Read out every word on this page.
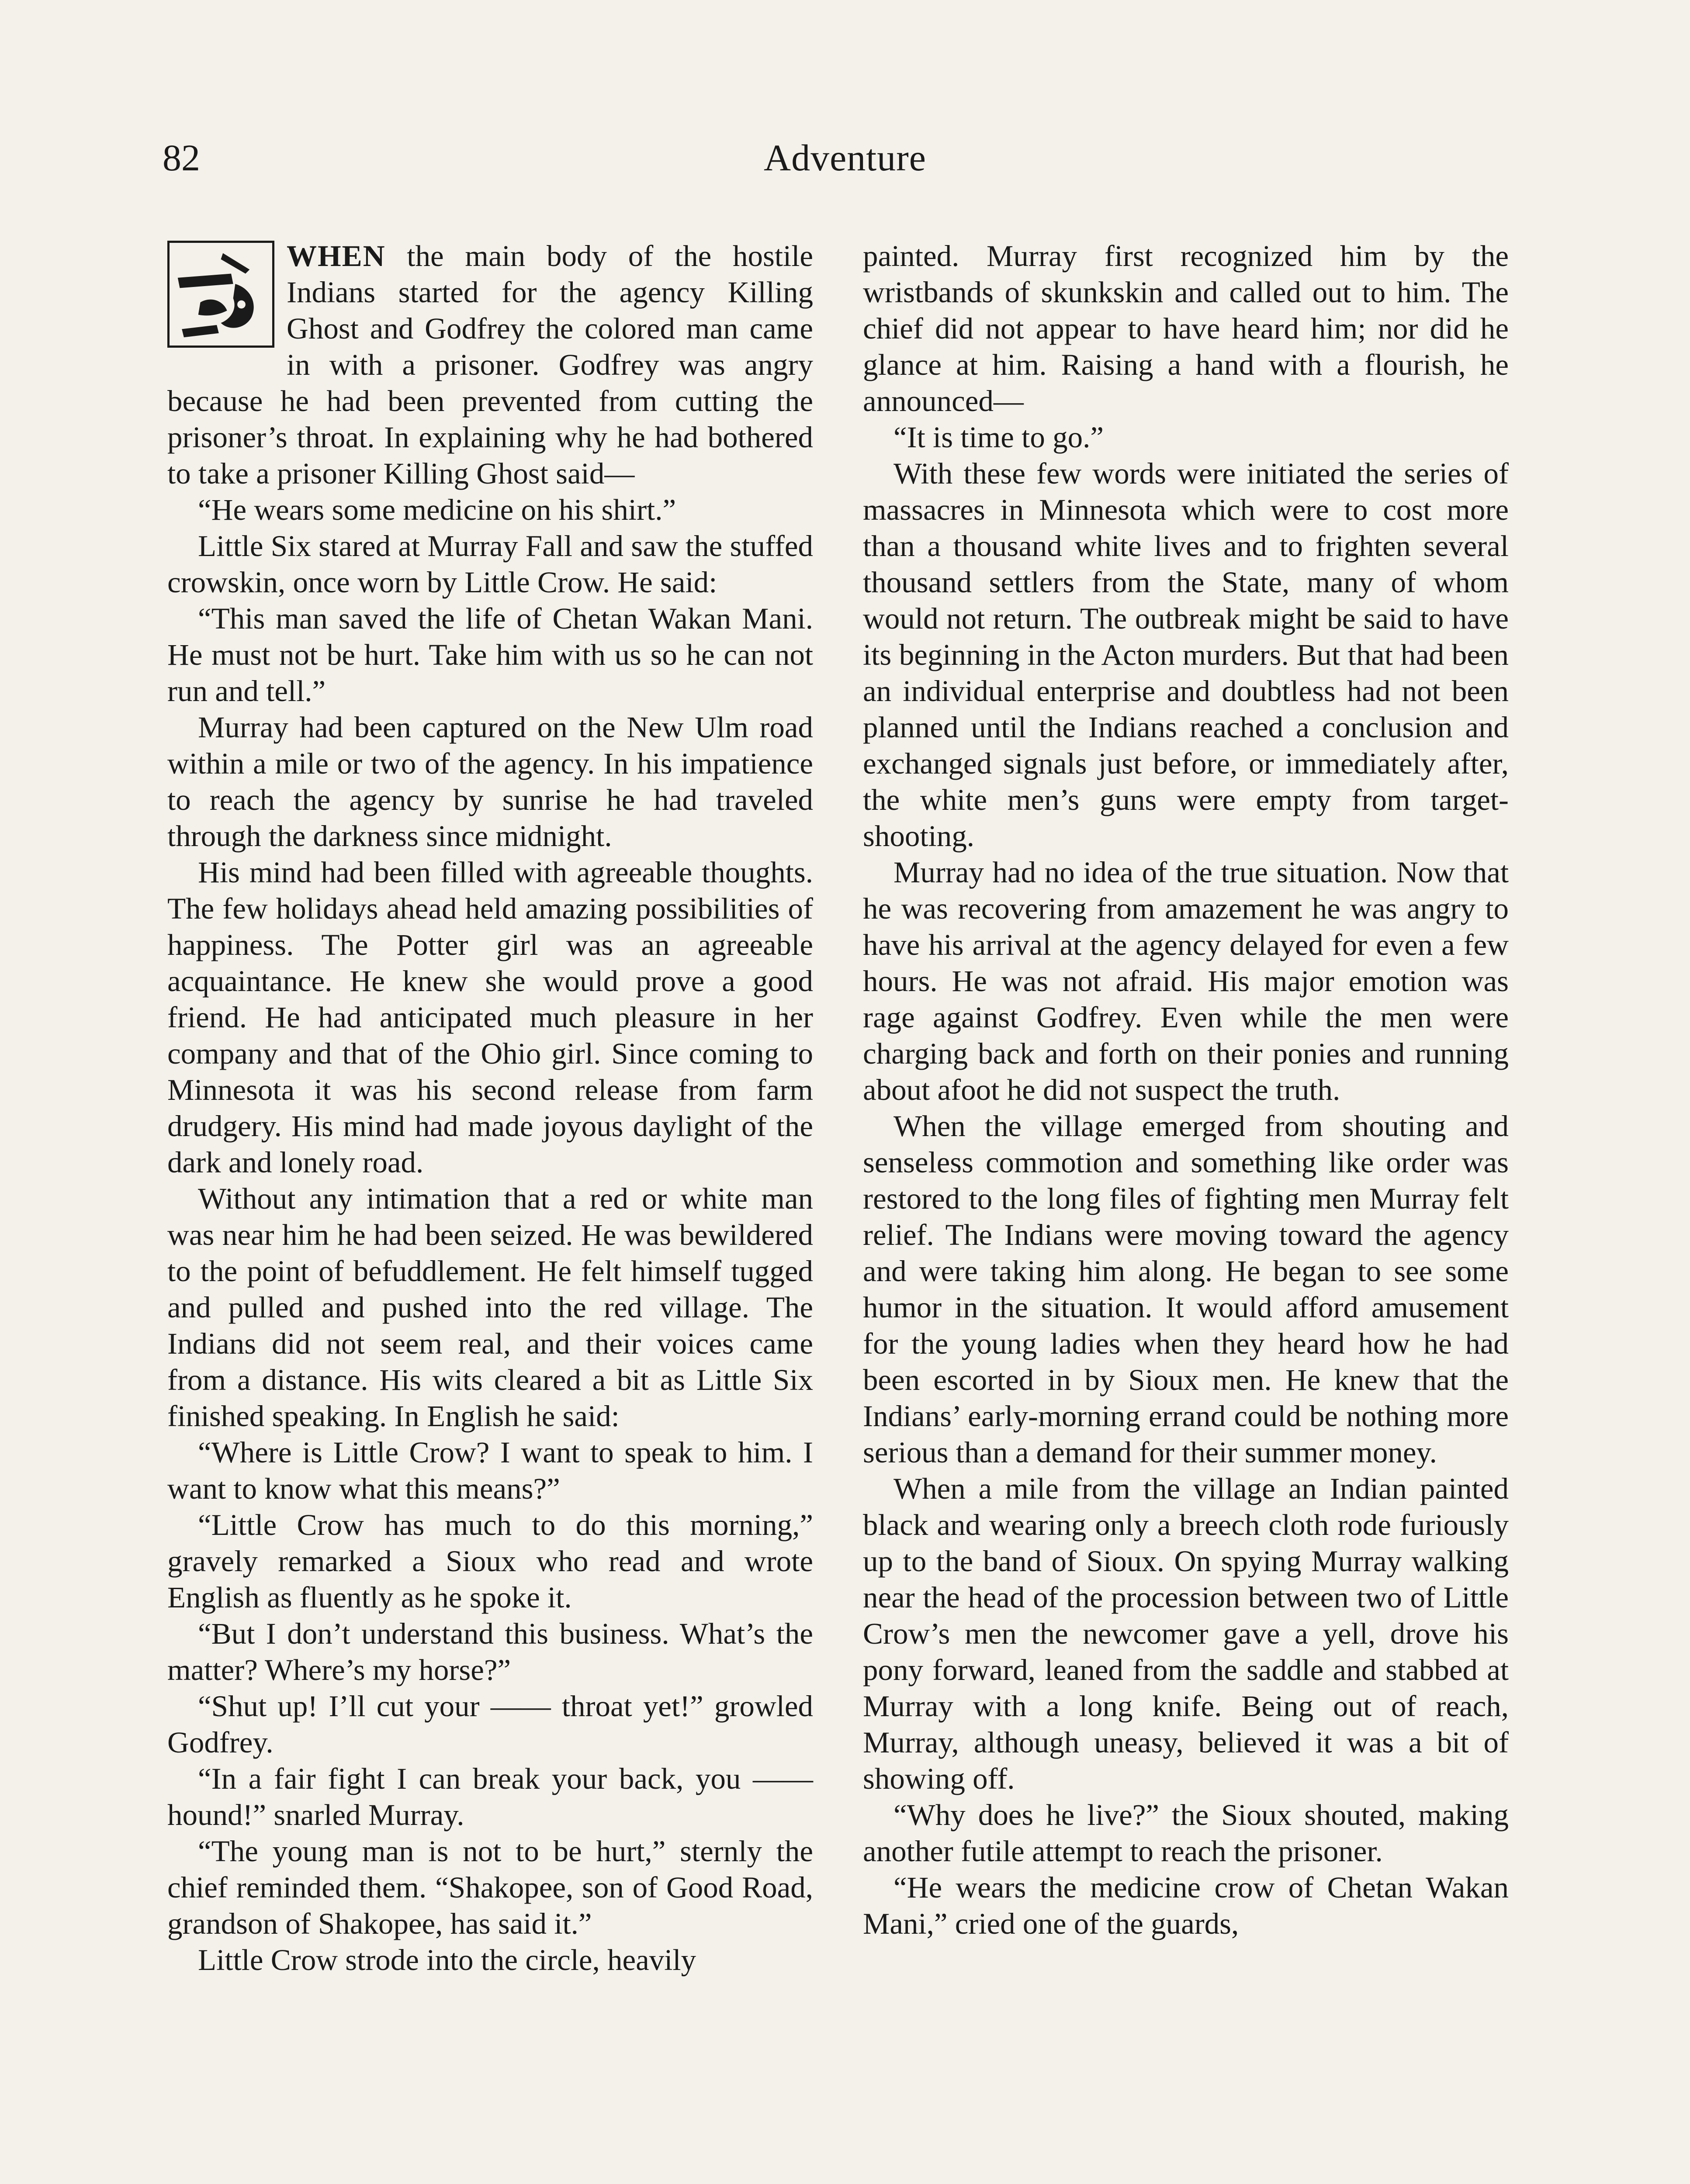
82	Adventure

WHEN the main body of the hostile Indians started for the agency Killing Ghost and Godfrey the colored man came in with a prisoner. Godfrey was angry because he had been prevented from cutting the prisoner’s throat. In explaining why he had bothered to take a prisoner Killing Ghost said—

“He wears some medicine on his shirt.”

Little Six stared at Murray Fall and saw the stuffed crowskin, once worn by Little Crow. He said:

“This man saved the life of Chetan Wakan Mani. He must not be hurt. Take him with us so he can not run and tell.”

Murray had been captured on the New Ulm road within a mile or two of the agency. In his impatience to reach the agency by sunrise he had traveled through the darkness since midnight.

His mind had been filled with agreeable thoughts. The few holidays ahead held amazing possibilities of happiness. The Potter girl was an agreeable acquaintance. He knew she would prove a good friend. He had anticipated much pleasure in her company and that of the Ohio girl. Since coming to Minnesota it was his second release from farm drudgery. His mind had made joyous daylight of the dark and lonely road.

Without any intimation that a red or white man was near him he had been seized. He was bewildered to the point of befuddlement. He felt himself tugged and pulled and pushed into the red village. The Indians did not seem real, and their voices came from a distance. His wits cleared a bit as Little Six finished speaking. In English he said:

“Where is Little Crow? I want to speak to him. I want to know what this means?”

“Little Crow has much to do this morning,” gravely remarked a Sioux who read and wrote English as fluently as he spoke it.

“But I don’t understand this business. What’s the matter? Where’s my horse?”

“Shut up! I’ll cut your —— throat yet!” growled Godfrey.

“In a fair fight I can break your back, you —— hound!” snarled Murray.

“The young man is not to be hurt,” sternly the chief reminded them. “Shakopee, son of Good Road, grandson of Shakopee, has said it.”

Little Crow strode into the circle, heavily

painted. Murray first recognized him by the wristbands of skunkskin and called out to him. The chief did not appear to have heard him; nor did he glance at him. Raising a hand with a flourish, he announced—

“It is time to go.”

With these few words were initiated the series of massacres in Minnesota which were to cost more than a thousand white lives and to frighten several thousand settlers from the State, many of whom would not return. The outbreak might be said to have its beginning in the Acton murders. But that had been an individual enterprise and doubtless had not been planned until the Indians reached a conclusion and exchanged signals just before, or immediately after, the white men’s guns were empty from target-shooting.

Murray had no idea of the true situation. Now that he was recovering from amazement he was angry to have his arrival at the agency delayed for even a few hours. He was not afraid. His major emotion was rage against Godfrey. Even while the men were charging back and forth on their ponies and running about afoot he did not suspect the truth.

When the village emerged from shouting and senseless commotion and something like order was restored to the long files of fighting men Murray felt relief. The Indians were moving toward the agency and were taking him along. He began to see some humor in the situation. It would afford amusement for the young ladies when they heard how he had been escorted in by Sioux men. He knew that the Indians’ early-morning errand could be nothing more serious than a demand for their summer money.

When a mile from the village an Indian painted black and wearing only a breech cloth rode furiously up to the band of Sioux. On spying Murray walking near the head of the procession between two of Little Crow’s men the newcomer gave a yell, drove his pony forward, leaned from the saddle and stabbed at Murray with a long knife. Being out of reach, Murray, although uneasy, believed it was a bit of showing off.

“Why does he live?” the Sioux shouted, making another futile attempt to reach the prisoner.

“He wears the medicine crow of Chetan Wakan Mani,” cried one of the guards,
